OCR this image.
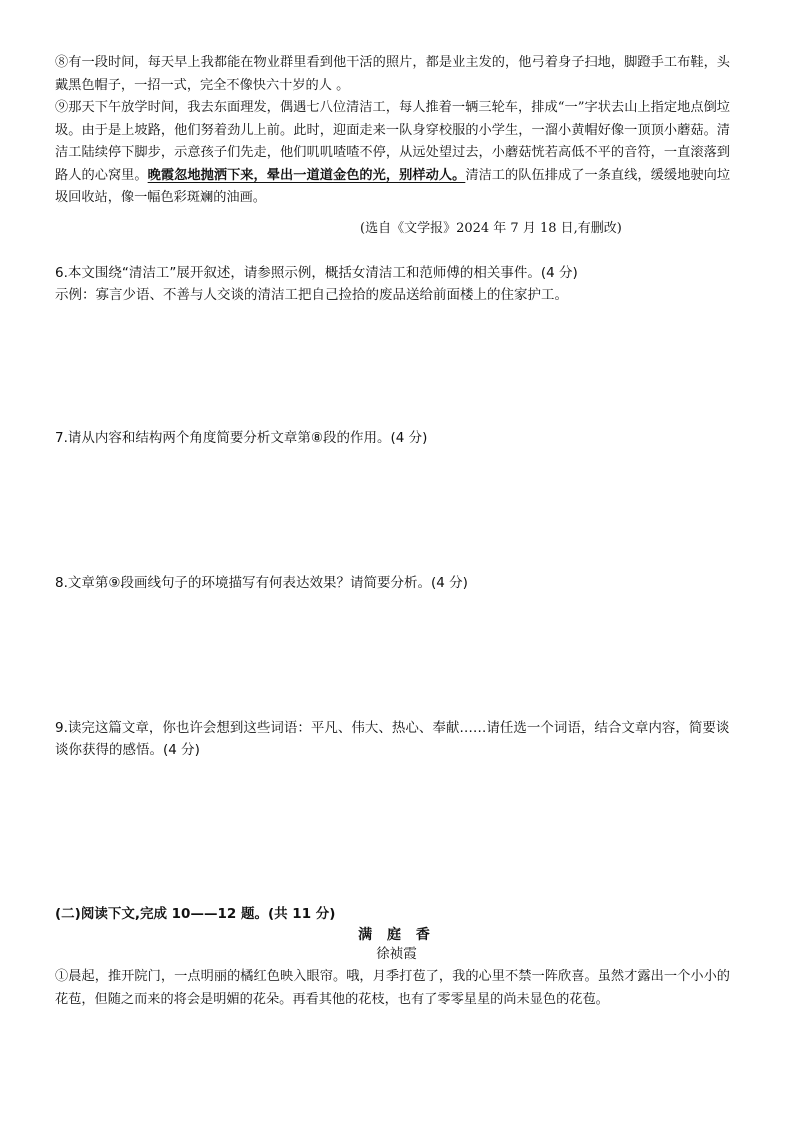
⑧有一段时间，每天早上我都能在物业群里看到他干活的照片，都是业主发的，他弓着身子扫地，脚蹬手工布鞋，头戴黑色帽子，一招一式，完全不像快六十岁的人 。
⑨那天下午放学时间，我去东面理发，偶遇七八位清洁工，每人推着一辆三轮车，排成“一”字状去山上指定地点倒垃圾。由于是上坡路，他们努着劲儿上前。此时，迎面走来一队身穿校服的小学生，一溜小黄帽好像一顶顶小蘑菇。清洁工陆续停下脚步，示意孩子们先走，他们叽叽喳喳不停，从远处望过去，小蘑菇恍若高低不平的音符，一直滚落到路人的心窝里。晚霞忽地抛洒下来，晕出一道道金色的光，别样动人。清洁工的队伍排成了一条直线，缓缓地驶向垃圾回收站，像一幅色彩斑斓的油画。
(选自《文学报》2024 年 7 月 18 日,有删改)
6.本文围绕“清洁工”展开叙述，请参照示例，概括女清洁工和范师傅的相关事件。(4 分)
示例：寡言少语、不善与人交谈的清洁工把自己捡拾的废品送给前面楼上的住家护工。
7.请从内容和结构两个角度简要分析文章第⑧段的作用。(4 分)
8.文章第⑨段画线句子的环境描写有何表达效果？请简要分析。(4 分)
9.读完这篇文章，你也许会想到这些词语：平凡、伟大、热心、奉献……请任选一个词语，结合文章内容，简要谈谈你获得的感悟。(4 分)
(二)阅读下文,完成 10——12 题。(共 11 分)
满 庭 香
徐祯霞
①晨起，推开院门，一点明丽的橘红色映入眼帘。哦，月季打苞了，我的心里不禁一阵欣喜。虽然才露出一个小小的花苞，但随之而来的将会是明媚的花朵。再看其他的花枝，也有了零零星星的尚未显色的花苞。
